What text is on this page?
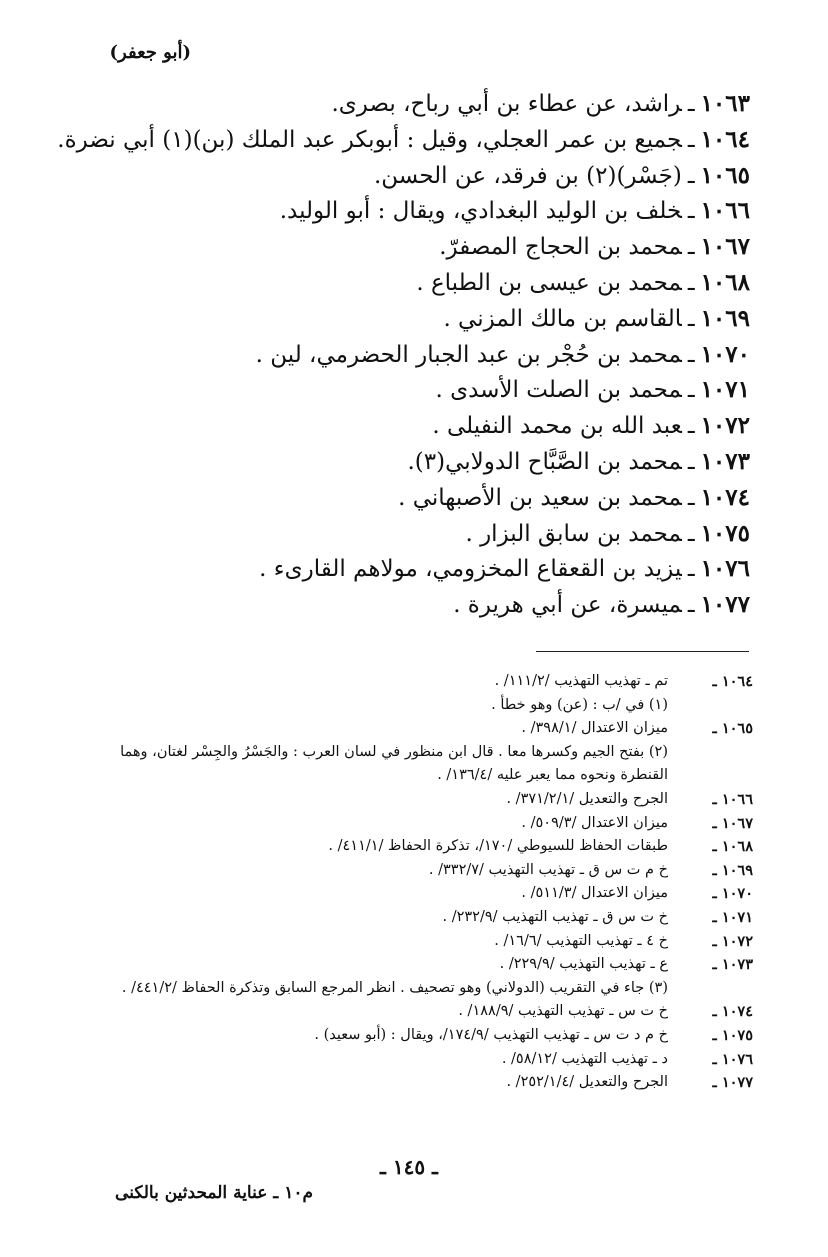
(أبو جعفر)
١٠٦٣ـراشد، عن عطاء بن أبي رباح، بصرى.
١٠٦٤ـجميع بن عمر العجلي، وقيل : أبوبكر عبد الملك (بن)(١) أبي نضرة.
١٠٦٥ـ(جَسْر)(٢) بن فرقد، عن الحسن.
١٠٦٦ـخلف بن الوليد البغدادي، ويقال : أبو الوليد.
١٠٦٧ـمحمد بن الحجاج المصفرّ.
١٠٦٨ـمحمد بن عيسى بن الطباع .
١٠٦٩ـالقاسم بن مالك المزني .
١٠٧٠ـمحمد بن حُجْر بن عبد الجبار الحضرمي، لين .
١٠٧١ـمحمد بن الصلت الأسدى .
١٠٧٢ـعبد الله بن محمد النفيلى .
١٠٧٣ـمحمد بن الصَّبَّاح الدولابي(٣).
١٠٧٤ـمحمد بن سعيد بن الأصبهاني .
١٠٧٥ـمحمد بن سابق البزار .
١٠٧٦ـيزيد بن القعقاع المخزومي، مولاهم القارىء .
١٠٧٧ـميسرة، عن أبي هريرة .
١٠٦٤ ـ
تم ـ تهذيب التهذيب /١١١/٢/ .
(١) في /ب : (عن) وهو خطأ .
١٠٦٥ ـ
ميزان الاعتدال /٣٩٨/١/ .
(٢) بفتح الجيم وكسرها معا . قال ابن منظور في لسان العرب : والجَسْرُ والجِسْر لغتان، وهما القنطرة ونحوه مما يعبر عليه /١٣٦/٤/ .
١٠٦٦ ـ
الجرح والتعديل /٣٧١/٢/١/ .
١٠٦٧ ـ
ميزان الاعتدال /٥٠٩/٣/ .
١٠٦٨ ـ
طبقات الحفاظ للسيوطي /١٧٠/، تذكرة الحفاظ /٤١١/١/ .
١٠٦٩ ـ
خ م ت س ق ـ تهذيب التهذيب /٣٣٢/٧/ .
١٠٧٠ ـ
ميزان الاعتدال /٥١١/٣/ .
١٠٧١ ـ
خ ت س ق ـ تهذيب التهذيب /٢٣٢/٩/ .
١٠٧٢ ـ
خ ٤ ـ تهذيب التهذيب /١٦/٦/ .
١٠٧٣ ـ
ع ـ تهذيب التهذيب /٢٢٩/٩/ .
(٣) جاء في التقريب (الدولاني) وهو تصحيف . انظر المرجع السابق وتذكرة الحفاظ /٤٤١/٢/ .
١٠٧٤ ـ
خ ت س ـ تهذيب التهذيب /١٨٨/٩/ .
١٠٧٥ ـ
خ م د ت س ـ تهذيب التهذيب /١٧٤/٩/، ويقال : (أبو سعيد) .
١٠٧٦ ـ
د ـ تهذيب التهذيب /٥٨/١٢/ .
١٠٧٧ ـ
الجرح والتعديل /٢٥٢/١/٤/ .
ـ ١٤٥ ـ
م١٠ ـ عناية المحدثين بالكنى
